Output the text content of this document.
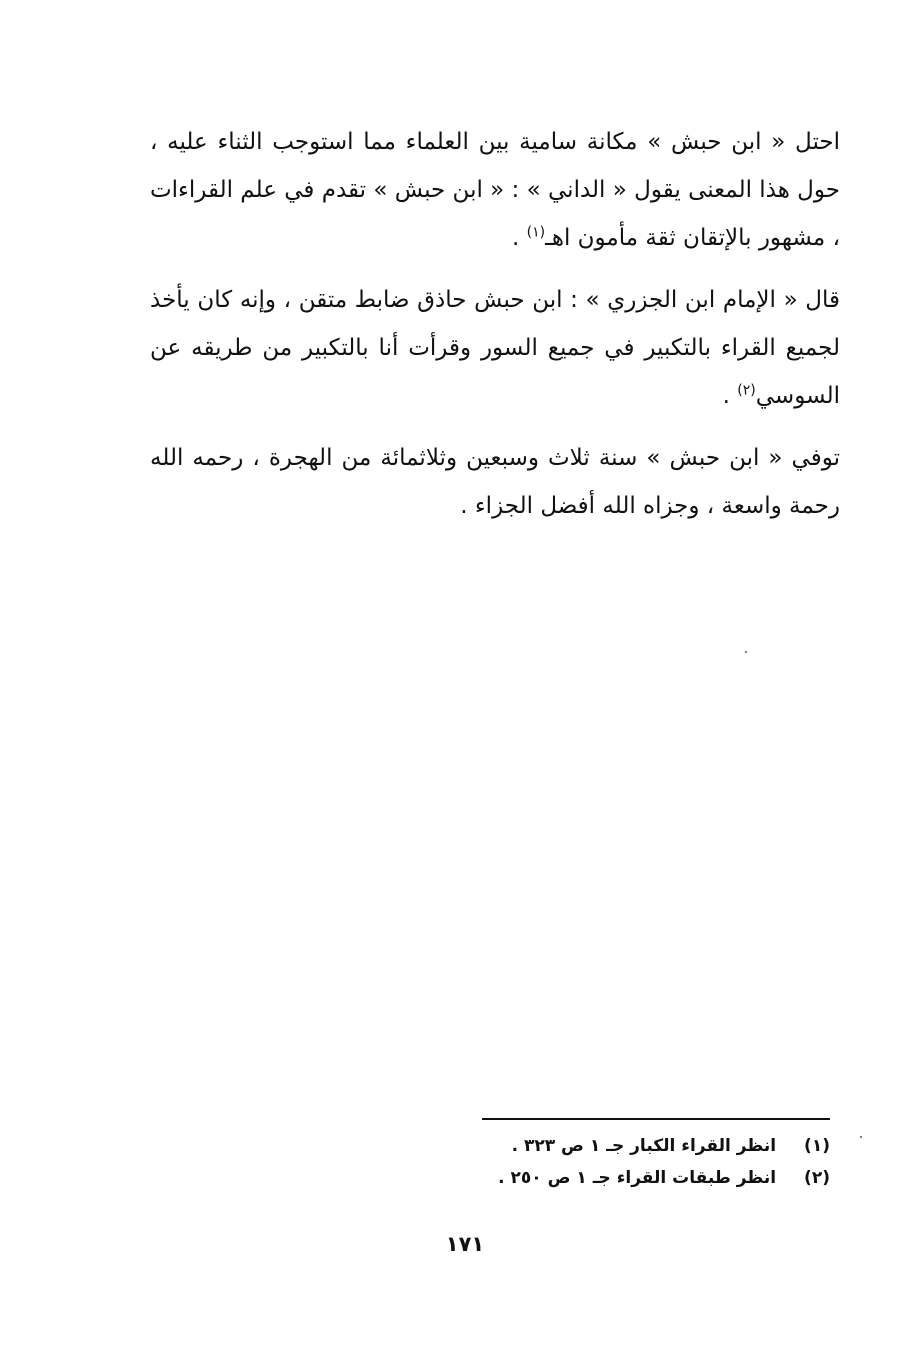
احتل « ابن حبش » مكانة سامية بين العلماء مما استوجب الثناء عليه ، حول هذا المعنى يقول « الداني » : « ابن حبش » تقدم في علم القراءات ، مشهور بالإتقان ثقة مأمون اهـ$^{(١)}$ .

قال « الإمام ابن الجزري » : ابن حبش حاذق ضابط متقن ، وإنه كان يأخذ لجميع القراء بالتكبير في جميع السور وقرأت أنا بالتكبير من طريقه عن السوسي$^{(٢)}$ .

توفي « ابن حبش » سنة ثلاث وسبعين وثلاثمائة من الهجرة ، رحمه الله رحمة واسعة ، وجزاه الله أفضل الجزاء .

(١) انظر القراء الكبار جـ ١ ص ٣٢٣ .
(٢) انظر طبقات القراء جـ ١ ص ٢٥٠ .
١٧١
